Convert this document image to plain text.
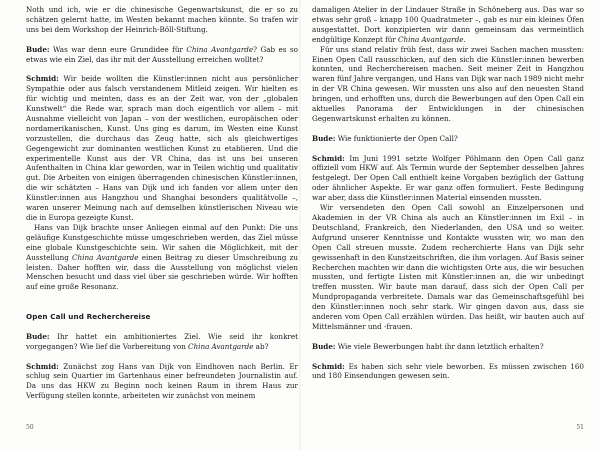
Noth und ich, wie er die chinesische Gegenwartskunst, die er so zu schätzen gelernt hatte, im Westen bekannt machen könnte. So trafen wir uns bei dem Workshop der Heinrich-Böll-Stiftung.

Bude: Was war denn eure Grundidee für China Avantgarde? Gab es so etwas wie ein Ziel, das ihr mit der Ausstellung erreichen wolltet?

Schmid: Wir beide wollten die Künstler:innen nicht aus persönlicher Sympathie oder aus falsch verstandenem Mitleid zeigen. Wir hielten es für wichtig und meinten, dass es an der Zeit war, von der „globalen Kunstwelt“ die Rede war, sprach man doch eigentlich vor allem – mit Ausnahme vielleicht von Japan – von der westlichen, europäischen oder nordamerikanischen, Kunst. Uns ging es darum, im Westen eine Kunst vorzustellen, die durchaus das Zeug hatte, sich als gleichwertiges Gegengewicht zur dominanten westlichen Kunst zu etablieren. Und die experimentelle Kunst aus der VR China, das ist uns bei unseren Aufenthalten in China klar geworden, war in Teilen wichtig und qualitativ gut. Die Arbeiten von einigen überragenden chinesischen Künstler:innen, die wir schätzten – Hans van Dijk und ich fanden vor allem unter den Künstler:innen aus Hangzhou und Shanghai besonders qualitätvolle –, waren unserer Meinung nach auf demselben künstlerischen Niveau wie die in Europa gezeigte Kunst.

Hans van Dijk brachte unser Anliegen einmal auf den Punkt: Die uns geläufige Kunstgeschichte müsse umgeschrieben werden, das Ziel müsse eine globale Kunstgeschichte sein. Wir sahen die Möglichkeit, mit der Ausstellung China Avantgarde einen Beitrag zu dieser Umschreibung zu leisten. Daher hofften wir, dass die Ausstellung von möglichst vielen Menschen besucht und dass viel über sie geschrieben würde. Wir hofften auf eine große Resonanz.

Open Call und Recherchereise

Bude: Ihr hattet ein ambitioniertes Ziel. Wie seid ihr konkret vorgegangen? Wie lief die Vorbereitung von China Avantgarde ab?

Schmid: Zunächst zog Hans van Dijk von Eindhoven nach Berlin. Er schlug sein Quartier im Gartenhaus einer befreundeten Journalistin auf. Da uns das HKW zu Beginn noch keinen Raum in ihrem Haus zur Verfügung stellen konnte, arbeiteten wir zunächst von meinem

50

damaligen Atelier in der Lindauer Straße in Schöneberg aus. Das war so etwas sehr groß – knapp 100 Quadratmeter –, gab es nur ein kleines Öfen ausgestattet. Dort konzipierten wir dann gemeinsam das vermeintlich endgültige Konzept für China Avantgarde.

Für uns stand relativ früh fest, dass wir zwei Sachen machen mussten: Einen Open Call rausschicken, auf den sich die Künstler:innen bewerben konnten, und Recherchereisen machen. Seit meiner Zeit in Hangzhou waren fünf Jahre vergangen, und Hans van Dijk war nach 1989 nicht mehr in der VR China gewesen. Wir mussten uns also auf den neuesten Stand bringen, und erhofften uns, durch die Bewerbungen auf den Open Call ein aktuelles Panorama der Entwicklungen in der chinesischen Gegenwartskunst erhalten zu können.

Bude: Wie funktionierte der Open Call?

Schmid: Im Juni 1991 setzte Wolfger Pöhlmann den Open Call ganz offiziell vom HKW auf. Als Termin wurde der September desselben Jahres festgelegt. Der Open Call enthielt keine Vorgaben bezüglich der Gattung oder ähnlicher Aspekte. Er war ganz offen formuliert. Feste Bedingung war aber, dass die Künstler:innen Material einsenden mussten.

Wir versendeten den Open Call sowohl an Einzelpersonen und Akademien in der VR China als auch an Künstler:innen im Exil – in Deutschland, Frankreich, den Niederlanden, den USA und so weiter. Aufgrund unserer Kenntnisse und Kontakte wussten wir, wo man den Open Call streuen musste. Zudem recherchierte Hans van Dijk sehr gewissenhaft in den Kunstzeitschriften, die ihm vorlagen. Auf Basis seiner Recherchen machten wir dann die wichtigsten Orte aus, die wir besuchen mussten, und fertigte Listen mit Künstler:innen an, die wir unbedingt treffen mussten. Wir baute man darauf, dass sich der Open Call per Mundpropaganda verbreitete. Damals war das Gemeinschaftsgefühl bei den Künstler:innen noch sehr stark. Wir gingen davon aus, dass sie anderen vom Open Call erzählen würden. Das heißt, wir bauten auch auf Mittelsmänner und -frauen.

Bude: Wie viele Bewerbungen habt ihr dann letztlich erhalten?

Schmid: Es haben sich sehr viele beworben. Es müssen zwischen 160 und 180 Einsendungen gewesen sein.

51
